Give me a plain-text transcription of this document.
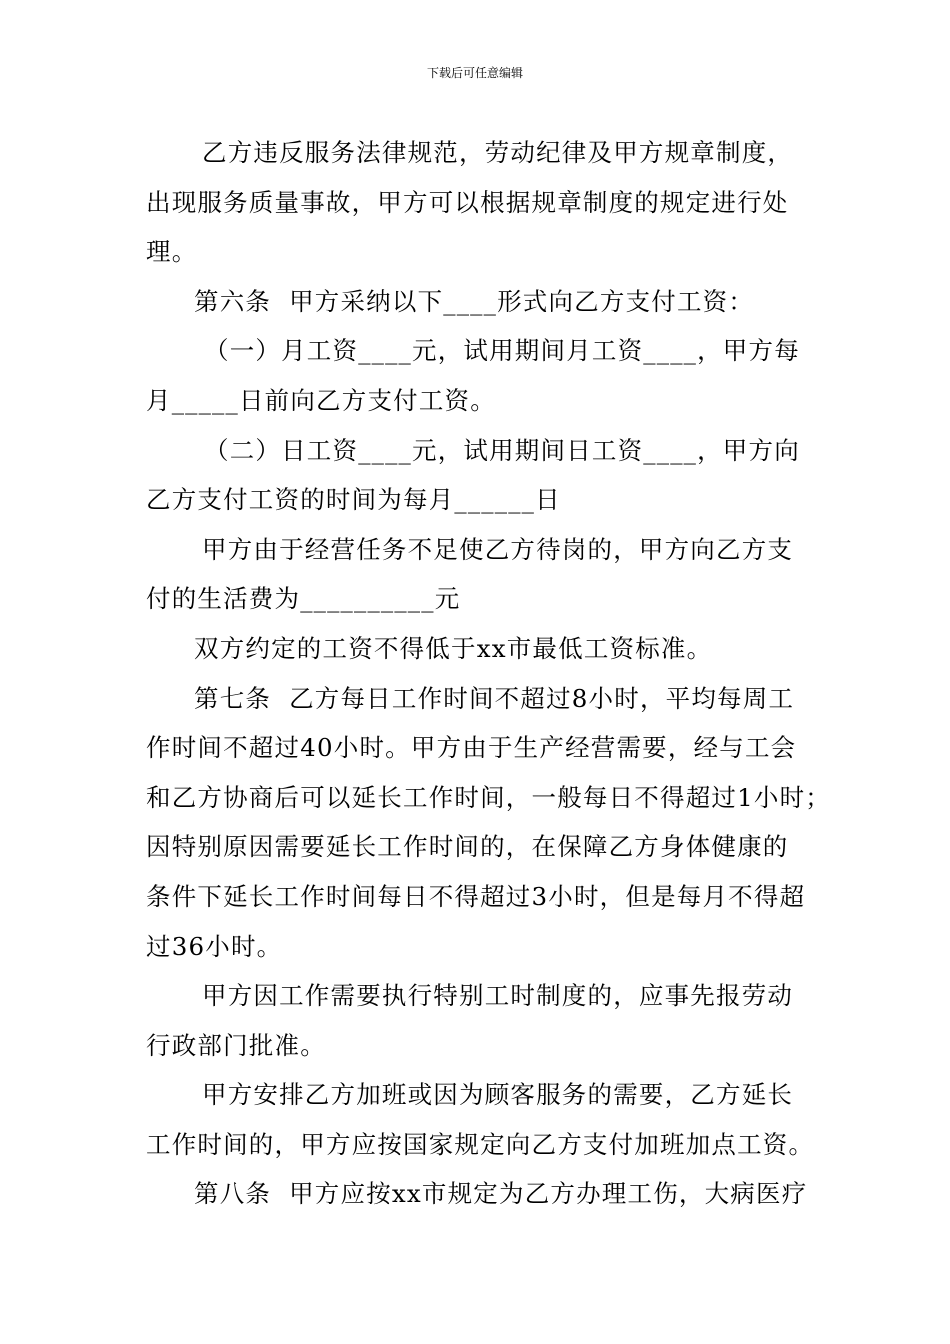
下载后可任意编辑
乙方违反服务法律规范，劳动纪律及甲方规章制度，
出现服务质量事故，甲方可以根据规章制度的规定进行处
理。
第六条  甲方采纳以下____形式向乙方支付工资：
（一）月工资____元，试用期间月工资____，甲方每
月_____日前向乙方支付工资。
（二）日工资____元，试用期间日工资____，甲方向
乙方支付工资的时间为每月______日
甲方由于经营任务不足使乙方待岗的，甲方向乙方支
付的生活费为__________元
双方约定的工资不得低于xx市最低工资标准。
第七条  乙方每日工作时间不超过8小时，平均每周工
作时间不超过40小时。甲方由于生产经营需要，经与工会
和乙方协商后可以延长工作时间，一般每日不得超过1小时；
因特别原因需要延长工作时间的，在保障乙方身体健康的
条件下延长工作时间每日不得超过3小时，但是每月不得超
过36小时。
甲方因工作需要执行特别工时制度的，应事先报劳动
行政部门批准。
甲方安排乙方加班或因为顾客服务的需要，乙方延长
工作时间的，甲方应按国家规定向乙方支付加班加点工资。
第八条  甲方应按xx市规定为乙方办理工伤，大病医疗
